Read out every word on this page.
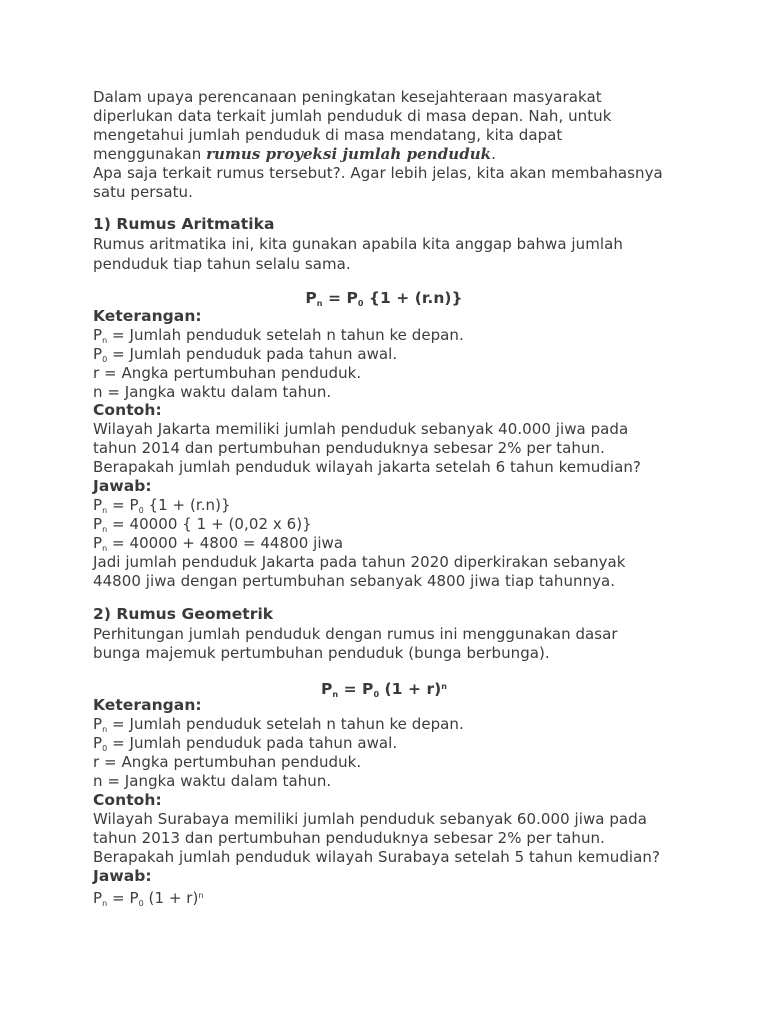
Dalam upaya perencanaan peningkatan kesejahteraan masyarakat
diperlukan data terkait jumlah penduduk di masa depan. Nah, untuk
mengetahui jumlah penduduk di masa mendatang, kita dapat
menggunakan rumus proyeksi jumlah penduduk.
Apa saja terkait rumus tersebut?. Agar lebih jelas, kita akan membahasnya
satu persatu.
1) Rumus Aritmatika
Rumus aritmatika ini, kita gunakan apabila kita anggap bahwa jumlah
penduduk tiap tahun selalu sama.
$P_n = P_0$ {1 + (r.n)}
Keterangan:
$P_n$ = Jumlah penduduk setelah n tahun ke depan.
$P_0$ = Jumlah penduduk pada tahun awal.
r = Angka pertumbuhan penduduk.
n = Jangka waktu dalam tahun.
Contoh:
Wilayah Jakarta memiliki jumlah penduduk sebanyak 40.000 jiwa pada
tahun 2014 dan pertumbuhan penduduknya sebesar 2% per tahun.
Berapakah jumlah penduduk wilayah jakarta setelah 6 tahun kemudian?
Jawab:
$P_n = P_0$ {1 + (r.n)}
$P_n = 40000$ { 1 + (0,02 x 6)}
$P_n = 40000 + 4800 = 44800$ jiwa
Jadi jumlah penduduk Jakarta pada tahun 2020 diperkirakan sebanyak
44800 jiwa dengan pertumbuhan sebanyak 4800 jiwa tiap tahunnya.
2) Rumus Geometrik
Perhitungan jumlah penduduk dengan rumus ini menggunakan dasar
bunga majemuk pertumbuhan penduduk (bunga berbunga).
$P_n = P_0$ $(1 + r)^n$
Keterangan:
$P_n$ = Jumlah penduduk setelah n tahun ke depan.
$P_0$ = Jumlah penduduk pada tahun awal.
r = Angka pertumbuhan penduduk.
n = Jangka waktu dalam tahun.
Contoh:
Wilayah Surabaya memiliki jumlah penduduk sebanyak 60.000 jiwa pada
tahun 2013 dan pertumbuhan penduduknya sebesar 2% per tahun.
Berapakah jumlah penduduk wilayah Surabaya setelah 5 tahun kemudian?
Jawab:
$P_n = P_0$ $(1 + r)^n$
